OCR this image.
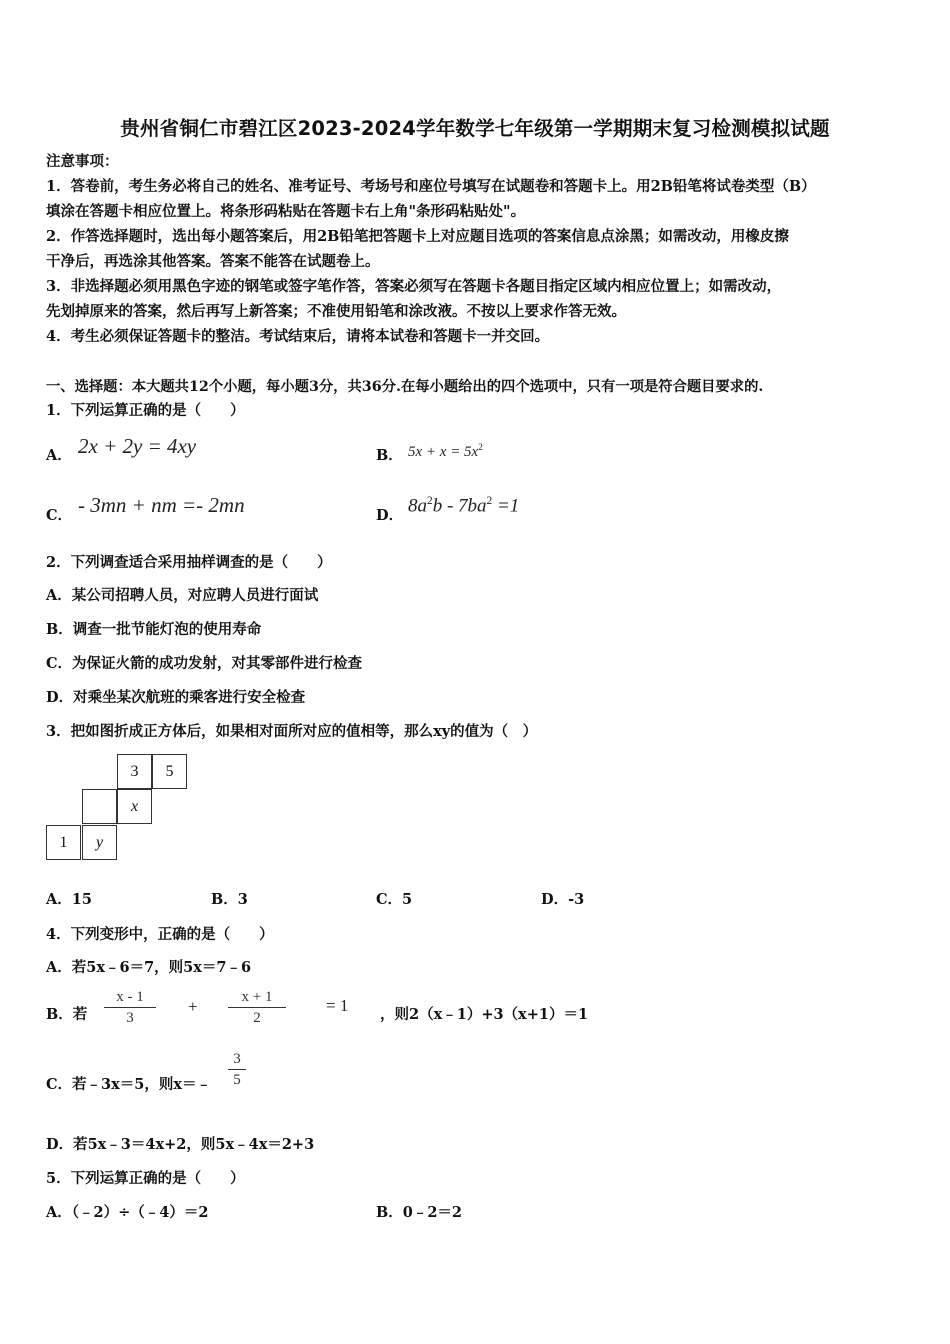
贵州省铜仁市碧江区2023-2024学年数学七年级第一学期期末复习检测模拟试题
注意事项：
1．答卷前，考生务必将自己的姓名、准考证号、考场号和座位号填写在试题卷和答题卡上。用2B铅笔将试卷类型（B）
填涂在答题卡相应位置上。将条形码粘贴在答题卡右上角"条形码粘贴处"。
2．作答选择题时，选出每小题答案后，用2B铅笔把答题卡上对应题目选项的答案信息点涂黑；如需改动，用橡皮擦
干净后，再选涂其他答案。答案不能答在试题卷上。
3．非选择题必须用黑色字迹的钢笔或签字笔作答，答案必须写在答题卡各题目指定区域内相应位置上；如需改动，
先划掉原来的答案，然后再写上新答案；不准使用铅笔和涂改液。不按以上要求作答无效。
4．考生必须保证答题卡的整洁。考试结束后，请将本试卷和答题卡一并交回。
一、选择题：本大题共12个小题，每小题3分，共36分.在每小题给出的四个选项中，只有一项是符合题目要求的.
1．下列运算正确的是（　　）
A． 2x + 2y = 4xy	B． $5x + x = 5x^2$
C． - 3mn + nm =- 2mn	D． $8a^2b - 7ba^2 =1$
2．下列调查适合采用抽样调查的是（　　）
A．某公司招聘人员，对应聘人员进行面试
B．调查一批节能灯泡的使用寿命
C．为保证火箭的成功发射，对其零部件进行检查
D．对乘坐某次航班的乘客进行安全检查
3．把如图折成正方体后，如果相对面所对应的值相等，那么xy的值为（　）
3	5
x
1	y
A．15	B．3	C．5	D．-3
4．下列变形中，正确的是（　　）
A．若5x﹣6＝7，则5x＝7﹣6
B．若
x - 1
3
+	x + 1
2
= 1 ，则2（x﹣1）+3（x+1）＝1
C．若﹣3x＝5，则x＝﹣
3
5
D．若5x﹣3＝4x+2，则5x﹣4x＝2+3
5．下列运算正确的是（　　）
A．（﹣2）÷（﹣4）＝2	B．0﹣2＝2
